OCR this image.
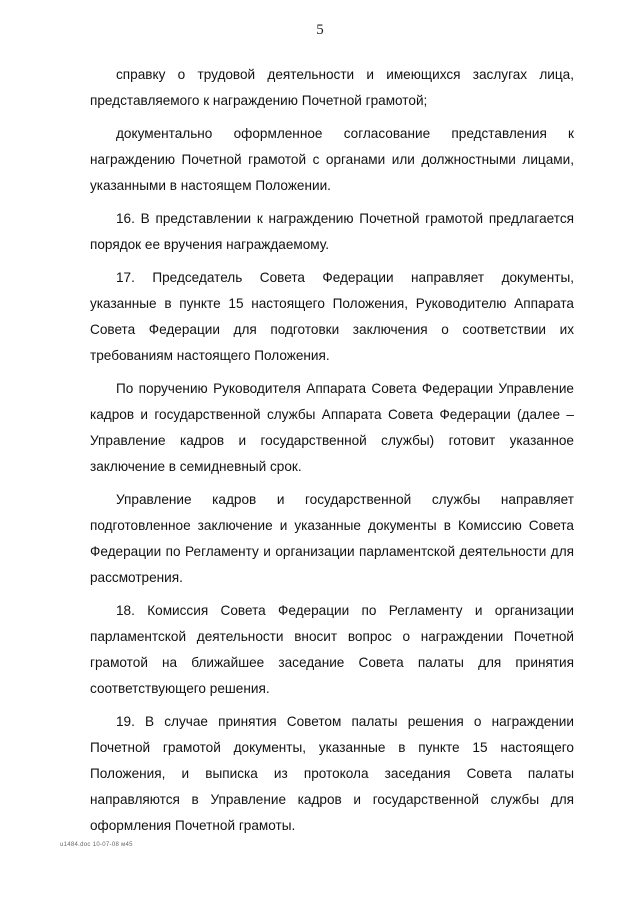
5

справку о трудовой деятельности и имеющихся заслугах лица, представляемого к награждению Почетной грамотой;

документально оформленное согласование представления к награждению Почетной грамотой с органами или должностными лицами, указанными в настоящем Положении.

16. В представлении к награждению Почетной грамотой предлагается порядок ее вручения награждаемому.

17. Председатель Совета Федерации направляет документы, указанные в пункте 15 настоящего Положения, Руководителю Аппарата Совета Федерации для подготовки заключения о соответствии их требованиям настоящего Положения.

По поручению Руководителя Аппарата Совета Федерации Управление кадров и государственной службы Аппарата Совета Федерации (далее – Управление кадров и государственной службы) готовит указанное заключение в семидневный срок.

Управление кадров и государственной службы направляет подготовленное заключение и указанные документы в Комиссию Совета Федерации по Регламенту и организации парламентской деятельности для рассмотрения.

18. Комиссия Совета Федерации по Регламенту и организации парламентской деятельности вносит вопрос о награждении Почетной грамотой на ближайшее заседание Совета палаты для принятия соответствующего решения.

19. В случае принятия Советом палаты решения о награждении Почетной грамотой документы, указанные в пункте 15 настоящего Положения, и выписка из протокола заседания Совета палаты направляются в Управление кадров и государственной службы для оформления Почетной грамоты.

u1484.doc 10-07-08 м45
